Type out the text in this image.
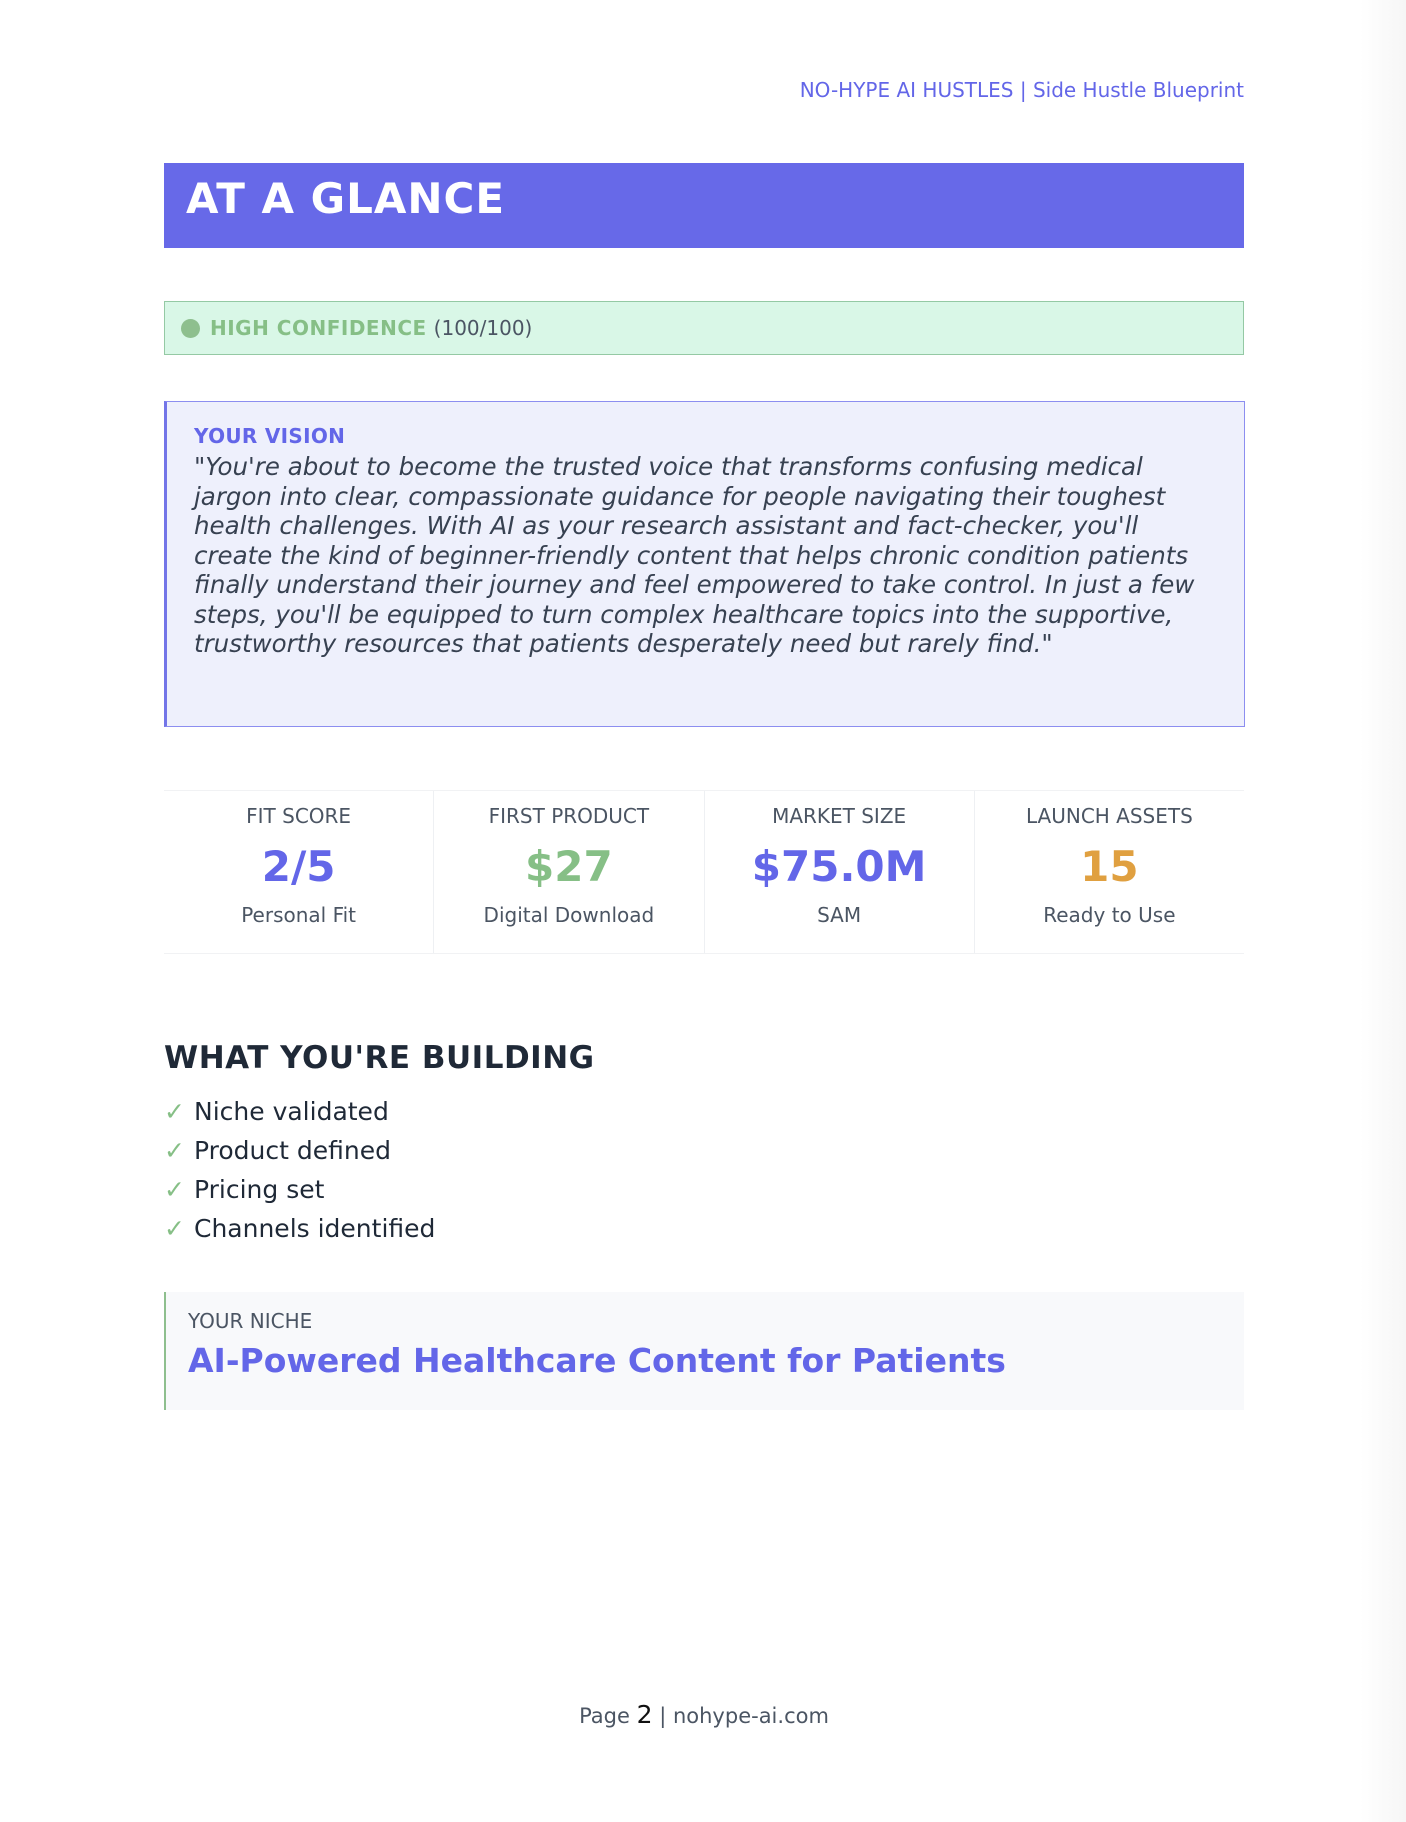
NO-HYPE AI HUSTLES | Side Hustle Blueprint
AT A GLANCE
HIGH CONFIDENCE (100/100)
YOUR VISION
"You're about to become the trusted voice that transforms confusing medical jargon into clear, compassionate guidance for people navigating their toughest health challenges. With AI as your research assistant and fact-checker, you'll create the kind of beginner-friendly content that helps chronic condition patients finally understand their journey and feel empowered to take control. In just a few steps, you'll be equipped to turn complex healthcare topics into the supportive, trustworthy resources that patients desperately need but rarely find."
FIT SCORE
2/5
Personal Fit
FIRST PRODUCT
$27
Digital Download
MARKET SIZE
$75.0M
SAM
LAUNCH ASSETS
15
Ready to Use
WHAT YOU'RE BUILDING
✓ Niche validated
✓ Product defined
✓ Pricing set
✓ Channels identified
YOUR NICHE
AI-Powered Healthcare Content for Patients
Page 2 | nohype-ai.com
